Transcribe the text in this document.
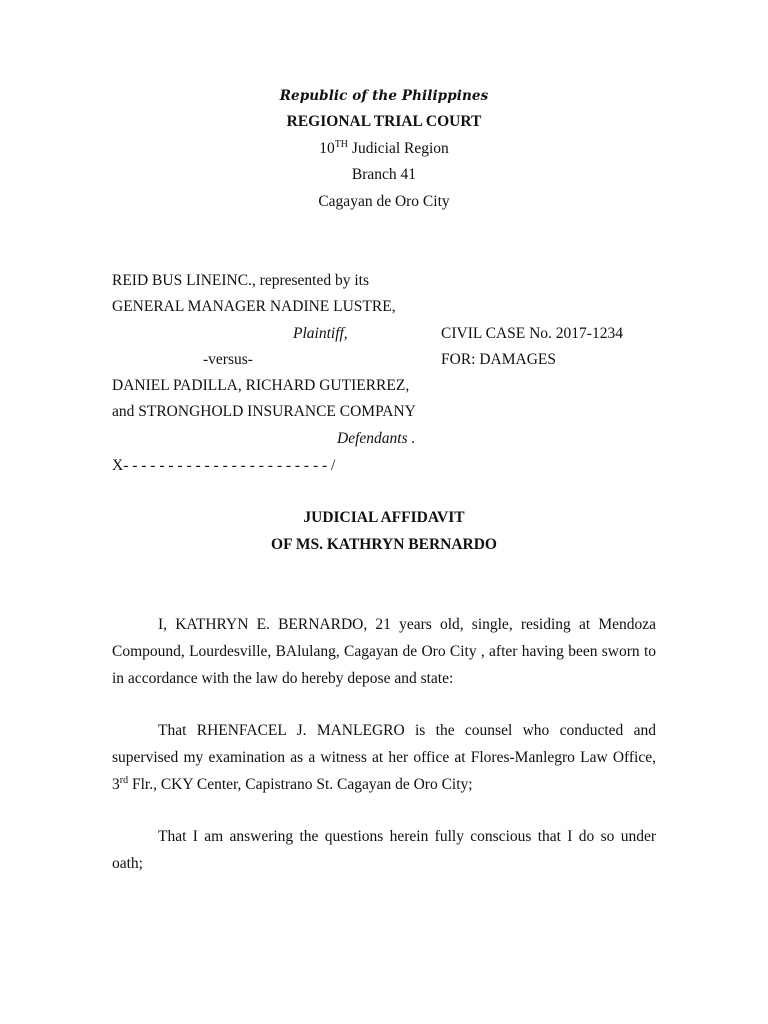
Republic of the Philippines
REGIONAL TRIAL COURT
10TH Judicial Region
Branch 41
Cagayan de Oro City
REID BUS LINEINC., represented by its
GENERAL MANAGER NADINE LUSTRE,
Plaintiff,	CIVIL CASE No. 2017-1234
-versus-	FOR: DAMAGES
DANIEL PADILLA, RICHARD GUTIERREZ,
and STRONGHOLD INSURANCE COMPANY
Defendants .
X- - - - - - - - - - - - - - - - - - - - - - - /
JUDICIAL AFFIDAVIT
OF MS. KATHRYN BERNARDO
I, KATHRYN E. BERNARDO, 21 years old, single, residing at Mendoza Compound, Lourdesville, BAlulang, Cagayan de Oro City , after having been sworn to in accordance with the law do hereby depose and state:
That RHENFACEL J. MANLEGRO is the counsel who conducted and supervised my examination as a witness at her office at Flores-Manlegro Law Office, 3rd Flr., CKY Center, Capistrano St. Cagayan de Oro City;
That I am answering the questions herein fully conscious that I do so under oath;
